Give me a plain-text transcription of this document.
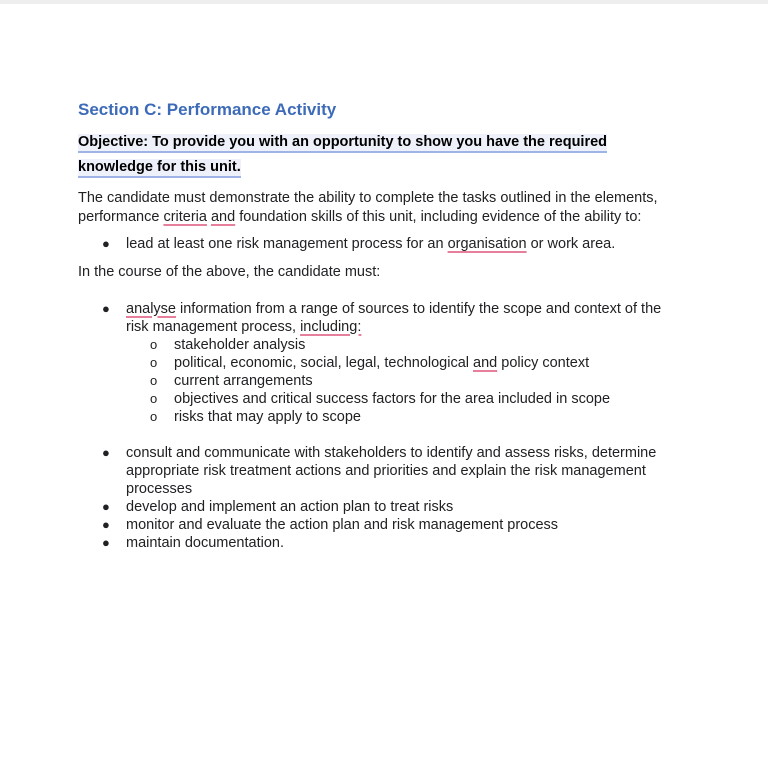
Section C: Performance Activity

Objective: To provide you with an opportunity to show you have the required knowledge for this unit.

The candidate must demonstrate the ability to complete the tasks outlined in the elements, performance criteria and foundation skills of this unit, including evidence of the ability to:

● lead at least one risk management process for an organisation or work area.

In the course of the above, the candidate must:

● analyse information from a range of sources to identify the scope and context of the risk management process, including:
o stakeholder analysis
o political, economic, social, legal, technological and policy context
o current arrangements
o objectives and critical success factors for the area included in scope
o risks that may apply to scope
● consult and communicate with stakeholders to identify and assess risks, determine appropriate risk treatment actions and priorities and explain the risk management processes
● develop and implement an action plan to treat risks
● monitor and evaluate the action plan and risk management process
● maintain documentation.
